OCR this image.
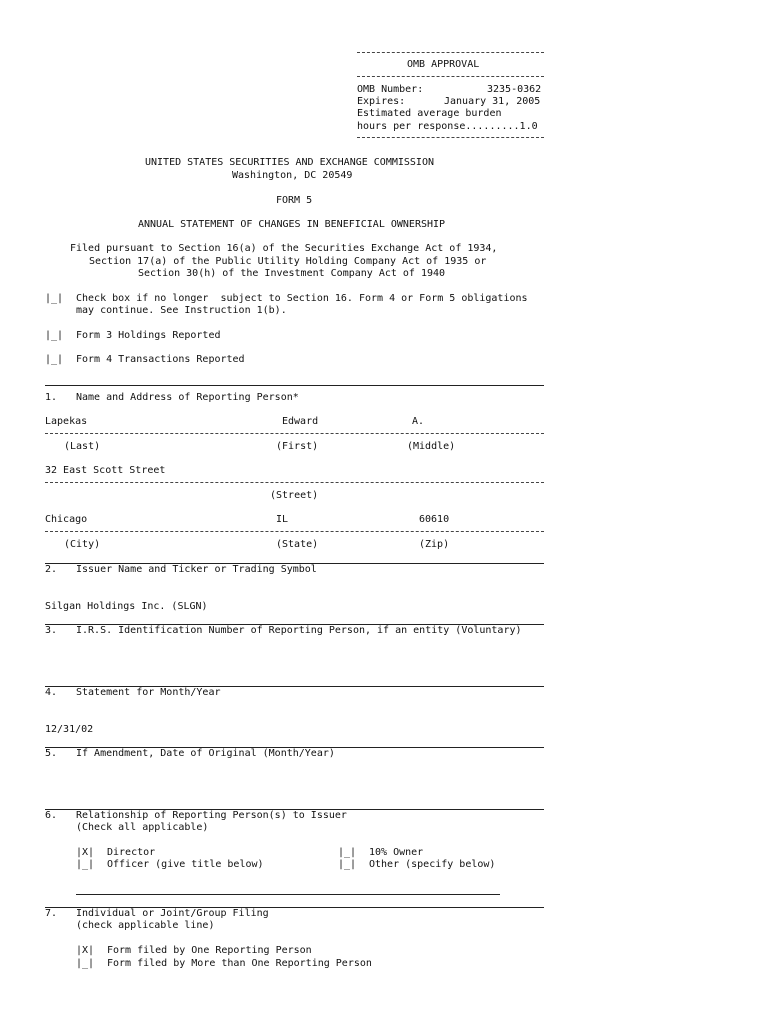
OMB APPROVAL
OMB Number:	3235-0362
Expires:	January 31, 2005
Estimated average burden
hours per response.........1.0
UNITED STATES SECURITIES AND EXCHANGE COMMISSION
Washington, DC 20549
FORM 5
ANNUAL STATEMENT OF CHANGES IN BENEFICIAL OWNERSHIP
Filed pursuant to Section 16(a) of the Securities Exchange Act of 1934,
Section 17(a) of the Public Utility Holding Company Act of 1935 or
Section 30(h) of the Investment Company Act of 1940
|_| Check box if no longer  subject to Section 16. Form 4 or Form 5 obligations
may continue. See Instruction 1(b).
|_| Form 3 Holdings Reported
|_| Form 4 Transactions Reported
1. Name and Address of Reporting Person*
Lapekas	Edward	A.
(Last)	(First)	(Middle)
32 East Scott Street
(Street)
Chicago	IL	60610
(City)	(State)	(Zip)
2. Issuer Name and Ticker or Trading Symbol
Silgan Holdings Inc. (SLGN)
3. I.R.S. Identification Number of Reporting Person, if an entity (Voluntary)
4. Statement for Month/Year
12/31/02
5. If Amendment, Date of Original (Month/Year)
6. Relationship of Reporting Person(s) to Issuer
(Check all applicable)
|X| Director	|_| 10% Owner
|_| Officer (give title below)	|_| Other (specify below)
7. Individual or Joint/Group Filing
(check applicable line)
|X| Form filed by One Reporting Person
|_| Form filed by More than One Reporting Person
